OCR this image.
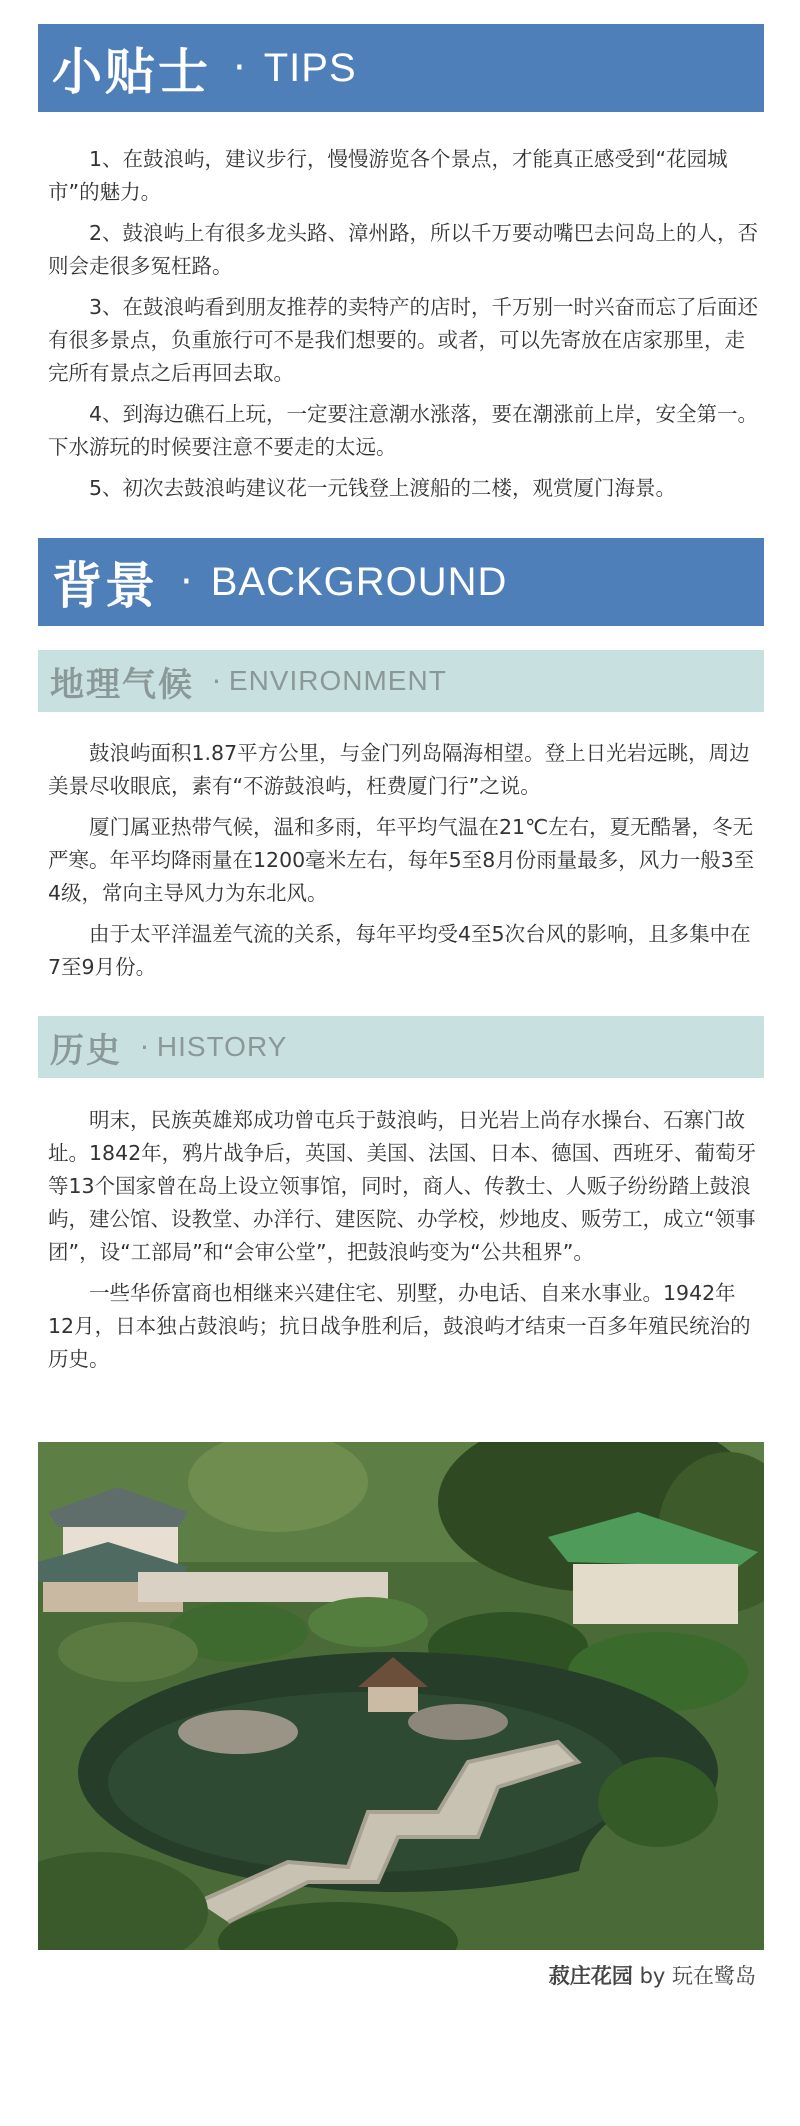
小贴士 · TIPS

1、在鼓浪屿，建议步行，慢慢游览各个景点，才能真正感受到“花园城市”的魅力。

2、鼓浪屿上有很多龙头路、漳州路，所以千万要动嘴巴去问岛上的人，否则会走很多冤枉路。

3、在鼓浪屿看到朋友推荐的卖特产的店时，千万别一时兴奋而忘了后面还有很多景点，负重旅行可不是我们想要的。或者，可以先寄放在店家那里，走完所有景点之后再回去取。

4、到海边礁石上玩，一定要注意潮水涨落，要在潮涨前上岸，安全第一。下水游玩的时候要注意不要走的太远。

5、初次去鼓浪屿建议花一元钱登上渡船的二楼，观赏厦门海景。

背景 · BACKGROUND
地理气候 · ENVIRONMENT

鼓浪屿面积1.87平方公里，与金门列岛隔海相望。登上日光岩远眺，周边美景尽收眼底，素有“不游鼓浪屿，枉费厦门行”之说。

厦门属亚热带气候，温和多雨，年平均气温在21℃左右，夏无酷暑，冬无严寒。年平均降雨量在1200毫米左右，每年5至8月份雨量最多，风力一般3至4级，常向主导风力为东北风。

由于太平洋温差气流的关系，每年平均受4至5次台风的影响，且多集中在7至9月份。

历史 · HISTORY

明末，民族英雄郑成功曾屯兵于鼓浪屿，日光岩上尚存水操台、石寨门故址。1842年，鸦片战争后，英国、美国、法国、日本、德国、西班牙、葡萄牙等13个国家曾在岛上设立领事馆，同时，商人、传教士、人贩子纷纷踏上鼓浪屿，建公馆、设教堂、办洋行、建医院、办学校，炒地皮、贩劳工，成立“领事团”，设“工部局”和“会审公堂”，把鼓浪屿变为“公共租界”。

一些华侨富商也相继来兴建住宅、别墅，办电话、自来水事业。1942年12月，日本独占鼓浪屿；抗日战争胜利后，鼓浪屿才结束一百多年殖民统治的历史。

菽庄花园 by 玩在鹭岛
